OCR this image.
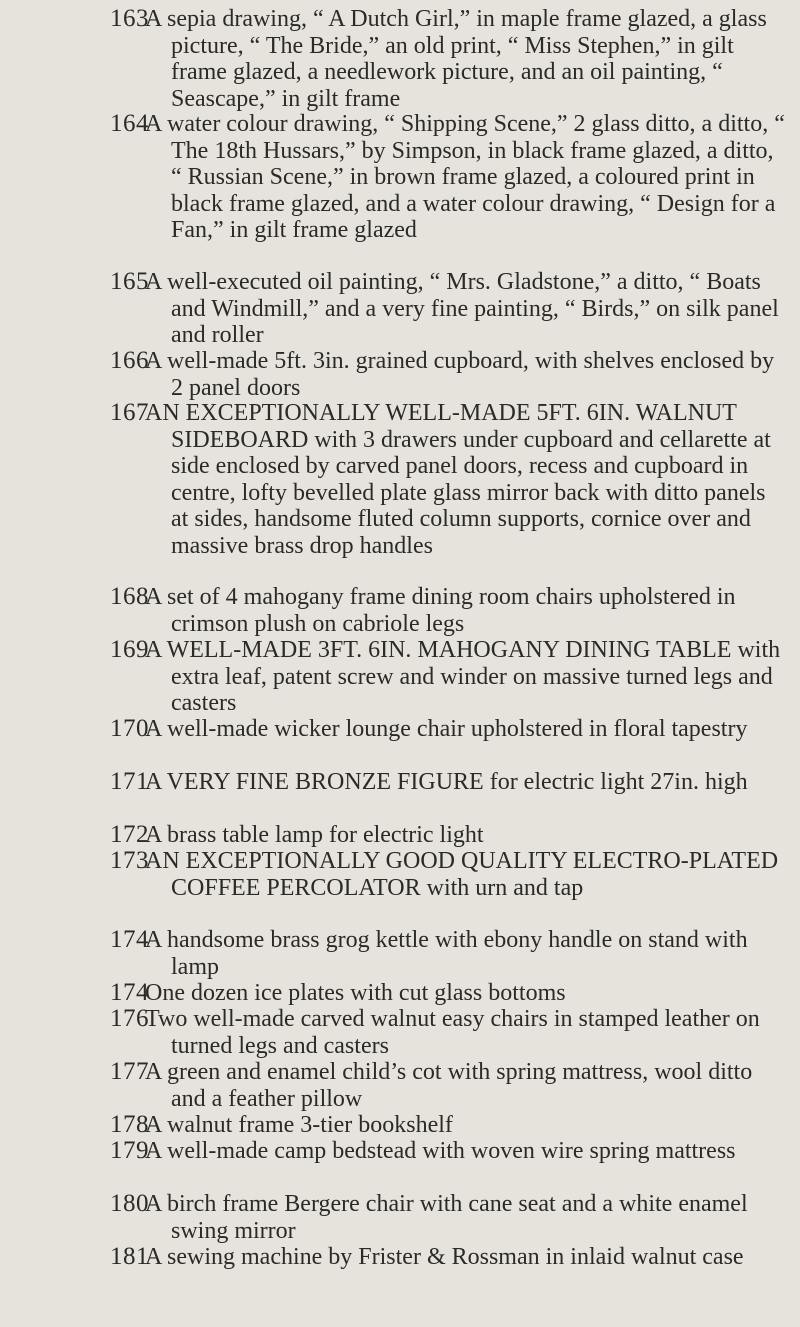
163

A sepia drawing, “ A Dutch Girl,” in maple frame glazed, a glass picture, “ The Bride,” an old print, “ Miss Stephen,” in gilt frame glazed, a needlework picture, and an oil painting, “ Seascape,” in gilt frame

164

A water colour drawing, “ Shipping Scene,” 2 glass ditto, a ditto, “ The 18th Hussars,” by Simpson, in black frame glazed, a ditto, “ Russian Scene,” in brown frame glazed, a coloured print in black frame glazed, and a water colour drawing, “ Design for a Fan,” in gilt frame glazed

165

A well-executed oil painting, “ Mrs. Gladstone,” a ditto, “ Boats and Windmill,” and a very fine painting, “ Birds,” on silk panel and roller

166

A well-made 5ft. 3in. grained cupboard, with shelves enclosed by 2 panel doors

167

AN EXCEPTIONALLY WELL-MADE 5FT. 6IN. WALNUT SIDEBOARD with 3 drawers under cupboard and cellarette at side enclosed by carved panel doors, recess and cupboard in centre, lofty bevelled plate glass mirror back with ditto panels at sides, handsome fluted column supports, cornice over and massive brass drop handles

168

A set of 4 mahogany frame dining room chairs upholstered in crimson plush on cabriole legs

169

A WELL-MADE 3FT. 6IN. MAHOGANY DINING TABLE with extra leaf, patent screw and winder on massive turned legs and casters

170

A well-made wicker lounge chair upholstered in floral tapestry

171

A VERY FINE BRONZE FIGURE for electric light 27in. high

172

A brass table lamp for electric light

173

AN EXCEPTIONALLY GOOD QUALITY ELECTRO-PLATED COFFEE PERCOLATOR with urn and tap

174

A handsome brass grog kettle with ebony handle on stand with lamp

174

One dozen ice plates with cut glass bottoms

176

Two well-made carved walnut easy chairs in stamped leather on turned legs and casters

177

A green and enamel child’s cot with spring mattress, wool ditto and a feather pillow

178

A walnut frame 3-tier bookshelf

179

A well-made camp bedstead with woven wire spring mattress

180

A birch frame Bergere chair with cane seat and a white enamel swing mirror

181

A sewing machine by Frister & Rossman in inlaid walnut case
